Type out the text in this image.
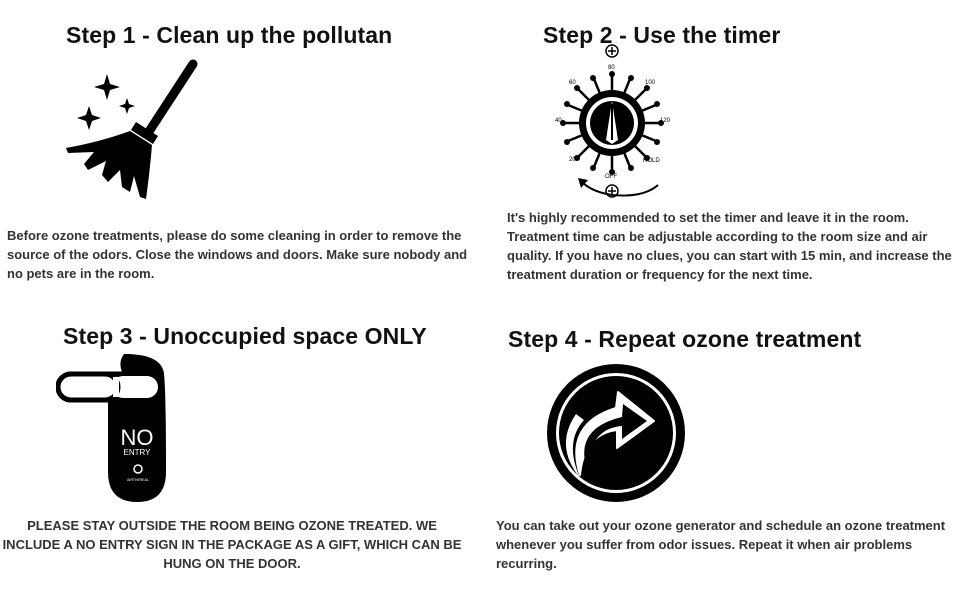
Step 1 - Clean up the pollutan
Before ozone treatments, please do some cleaning in order to remove the source of the odors. Close the windows and doors. Make sure nobody and no pets are in the room.
Step 2 - Use the timer
80
100
120
HOLD
OFF
20
40
60
It's highly recommended to set the timer and leave it in the room. Treatment time can be adjustable according to the room size and air quality. If you have no clues, you can start with 15 min, and increase the treatment duration or frequency for the next time.
Step 3 - Unoccupied space ONLY
NO
ENTRY
AIRTHEREAL
PLEASE STAY OUTSIDE THE ROOM BEING OZONE TREATED. WE INCLUDE A NO ENTRY SIGN IN THE PACKAGE AS A GIFT, WHICH CAN BE HUNG ON THE DOOR.
Step 4 - Repeat ozone treatment
You can take out your ozone generator and schedule an ozone treatment whenever you suffer from odor issues. Repeat it when air problems recurring.
